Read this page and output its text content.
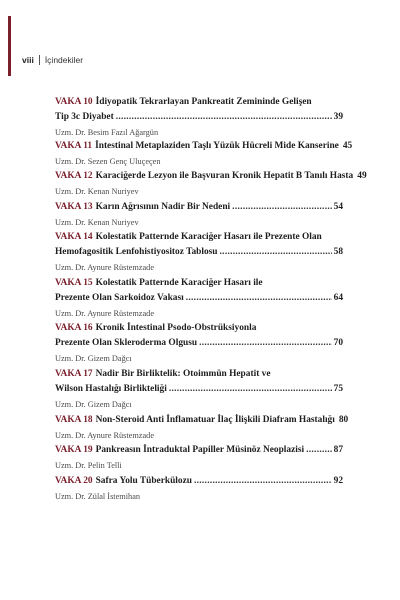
viii İçindekiler
VAKA 10 İdiyopatik Tekrarlayan Pankreatit Zemininde Gelişen
Tip 3c Diyabet .....	39
Uzm. Dr. Besim Fazıl Ağargün
VAKA 11 İntestinal Metaplaziden Taşlı Yüzük Hücreli Mide Kanserine 45
Uzm. Dr. Sezen Genç Uluçeçen
VAKA 12 Karaciğerde Lezyon ile Başvuran Kronik Hepatit B Tanılı Hasta 49
Uzm. Dr. Kenan Nuriyev
VAKA 13 Karın Ağrısının Nadir Bir Nedeni .....	54
Uzm. Dr. Kenan Nuriyev
VAKA 14 Kolestatik Patternde Karaciğer Hasarı ile Prezente Olan
Hemofagositik Lenfohistiyositoz Tablosu .....	58
Uzm. Dr. Aynure Rüstemzade
VAKA 15 Kolestatik Patternde Karaciğer Hasarı ile
Prezente Olan Sarkoidoz Vakası .....	64
Uzm. Dr. Aynure Rüstemzade
VAKA 16 Kronik İntestinal Psodo-Obstrüksiyonla
Prezente Olan Skleroderma Olgusu .....	70
Uzm. Dr. Gizem Dağcı
VAKA 17 Nadir Bir Birliktelik: Otoimmün Hepatit ve
Wilson Hastalığı Birlikteliği .....	75
Uzm. Dr. Gizem Dağcı
VAKA 18 Non-Steroid Anti İnflamatuar İlaç İlişkili Diafram Hastalığı 80
Uzm. Dr. Aynure Rüstemzade
VAKA 19 Pankreasın İntraduktal Papiller Müsinöz Neoplazisi .....	87
Uzm. Dr. Pelin Telli
VAKA 20 Safra Yolu Tüberkülozu .....	92
Uzm. Dr. Zülal İstemihan
